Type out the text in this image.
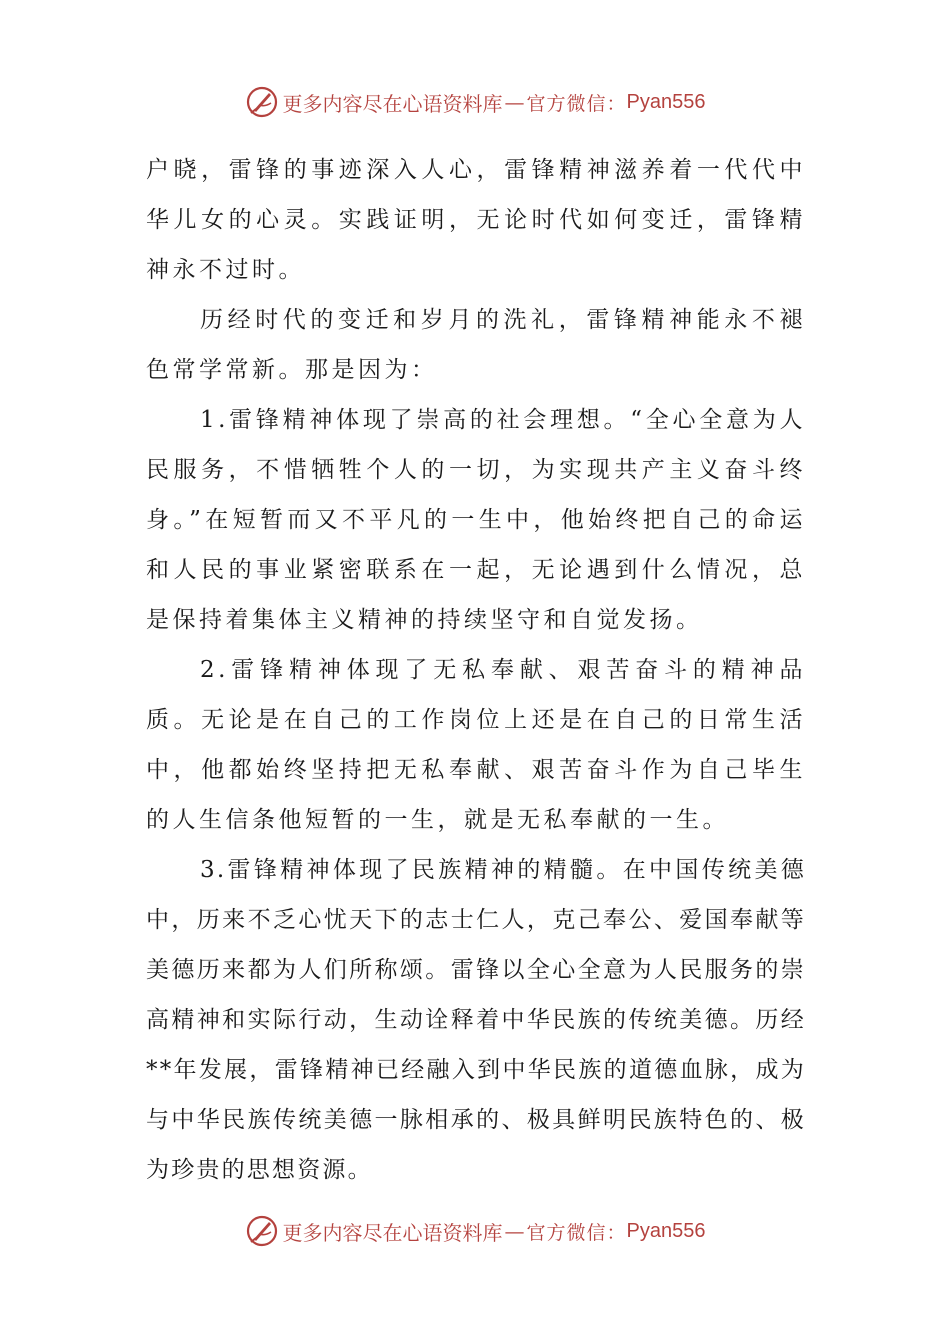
更多内容尽在心语资料库 — 官方微信： Pyan556

户晓，雷锋的事迹深入人心，雷锋精神滋养着一代代中华儿女的心灵。实践证明，无论时代如何变迁，雷锋精神永不过时。

历经时代的变迁和岁月的洗礼，雷锋精神能永不褪色常学常新。那是因为：

1.雷锋精神体现了崇高的社会理想。“全心全意为人民服务，不惜牺牲个人的一切，为实现共产主义奋斗终身。”在短暂而又不平凡的一生中，他始终把自己的命运和人民的事业紧密联系在一起，无论遇到什么情况，总是保持着集体主义精神的持续坚守和自觉发扬。

2.雷锋精神体现了无私奉献、艰苦奋斗的精神品质。无论是在自己的工作岗位上还是在自己的日常生活中，他都始终坚持把无私奉献、艰苦奋斗作为自己毕生的人生信条他短暂的一生，就是无私奉献的一生。

3.雷锋精神体现了民族精神的精髓。在中国传统美德中，历来不乏心忧天下的志士仁人，克己奉公、爱国奉献等美德历来都为人们所称颂。雷锋以全心全意为人民服务的崇高精神和实际行动，生动诠释着中华民族的传统美德。历经**年发展，雷锋精神已经融入到中华民族的道德血脉，成为与中华民族传统美德一脉相承的、极具鲜明民族特色的、极为珍贵的思想资源。

更多内容尽在心语资料库 — 官方微信： Pyan556
